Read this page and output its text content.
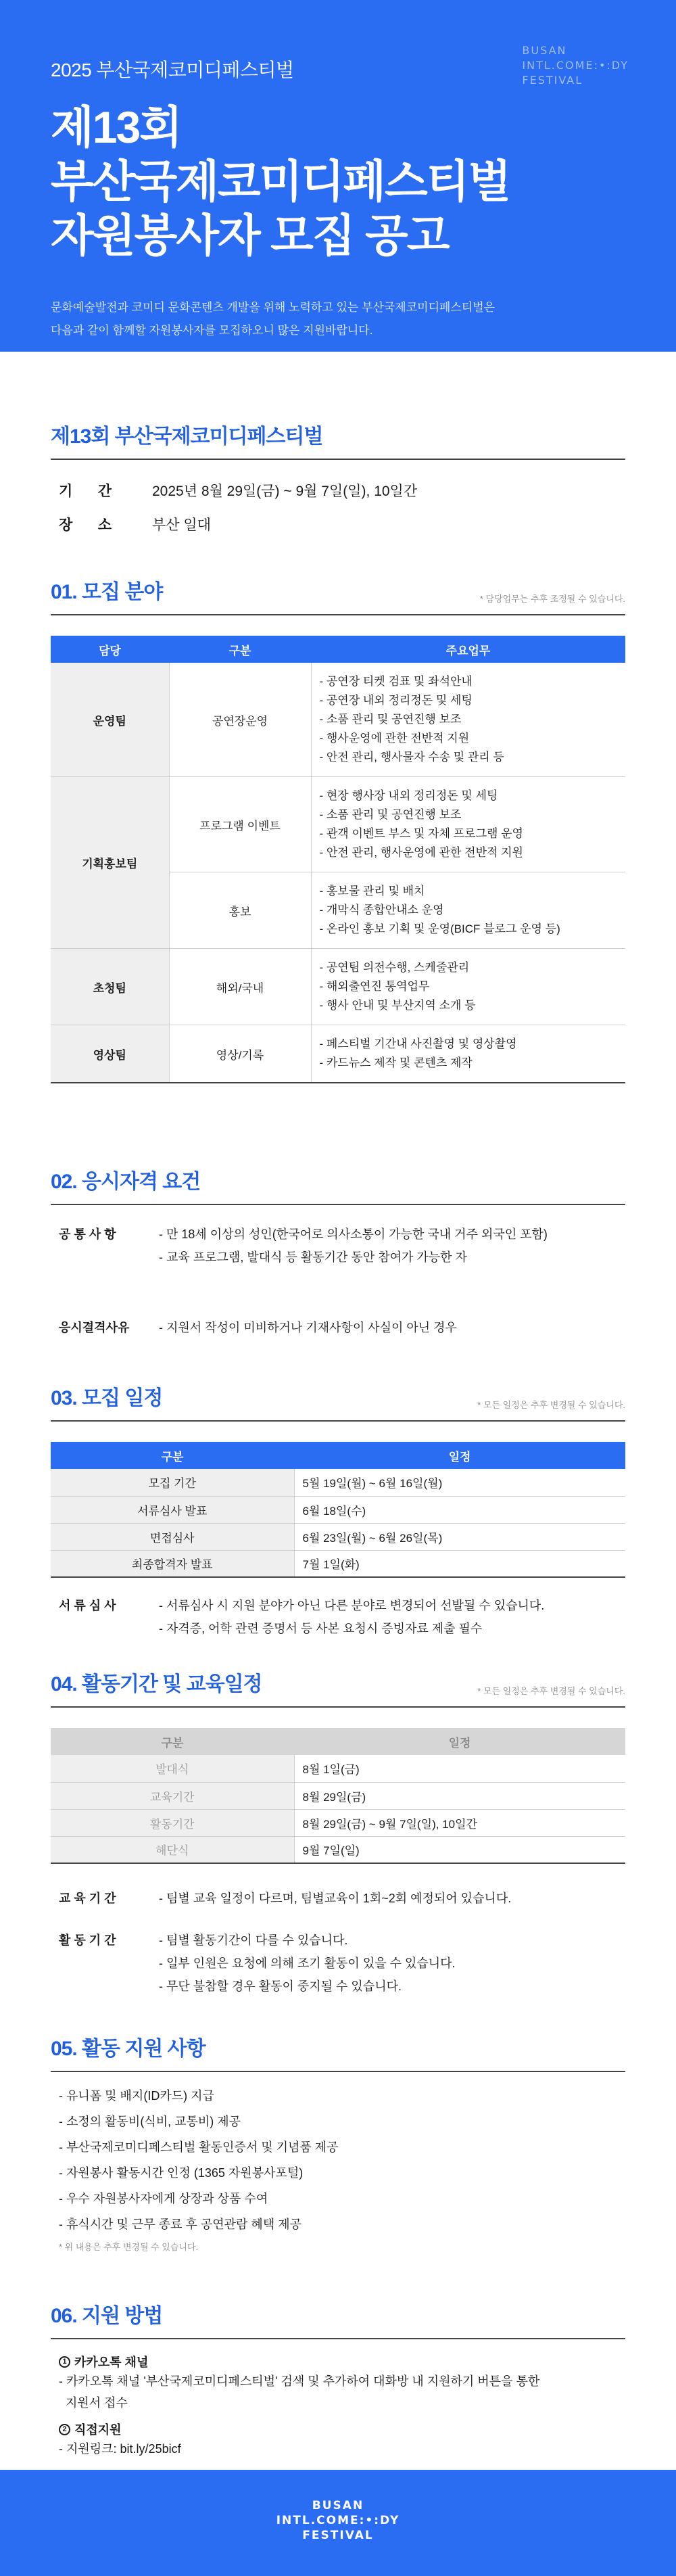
2025 부산국제코미디페스티벌
BUSAN
INTL.COME:•:DY
FESTIVAL
제13회
부산국제코미디페스티벌
자원봉사자 모집 공고
문화예술발전과 코미디 문화콘텐츠 개발을 위해 노력하고 있는 부산국제코미디페스티벌은
다음과 같이 함께할 자원봉사자를 모집하오니 많은 지원바랍니다.
제13회 부산국제코미디페스티벌
기 간	2025년 8월 29일(금) ~ 9월 7일(일), 10일간
장 소	부산 일대
01. 모집 분야	* 담당업무는 추후 조정될 수 있습니다.
담당	구분	주요업무
운영팀	공연장운영	- 공연장 티켓 검표 및 좌석안내
- 공연장 내외 정리정돈 및 세팅
- 소품 관리 및 공연진행 보조
- 행사운영에 관한 전반적 지원
- 안전 관리, 행사물자 수송 및 관리 등

기획홍보팀	프로그램 이벤트	- 현장 행사장 내외 정리정돈 및 세팅
- 소품 관리 및 공연진행 보조
- 관객 이벤트 부스 및 자체 프로그램 운영
- 안전 관리, 행사운영에 관한 전반적 지원

	홍보	- 홍보물 관리 및 배치
- 개막식 종합안내소 운영
- 온라인 홍보 기획 및 운영(BICF 블로그 운영 등)

초청팀	해외/국내	- 공연팀 의전수행, 스케줄관리
- 해외출연진 통역업무
- 행사 안내 및 부산지역 소개 등

영상팀	영상/기록	- 페스티벌 기간내 사진촬영 및 영상촬영
- 카드뉴스 제작 및 콘텐츠 제작
02. 응시자격 요건
공 통 사 항	- 만 18세 이상의 성인(한국어로 의사소통이 가능한 국내 거주 외국인 포함)
- 교육 프로그램, 발대식 등 활동기간 동안 참여가 가능한 자
응시결격사유	- 지원서 작성이 미비하거나 기재사항이 사실이 아닌 경우
03. 모집 일정	* 모든 일정은 추후 변경될 수 있습니다.
구분	일정
모집 기간	5월 19일(월) ~ 6월 16일(월)
서류심사 발표	6월 18일(수)
면접심사	6월 23일(월) ~ 6월 26일(목)
최종합격자 발표	7월 1일(화)
서 류 심 사	- 서류심사 시 지원 분야가 아닌 다른 분야로 변경되어 선발될 수 있습니다.
- 자격증, 어학 관련 증명서 등 사본 요청시 증빙자료 제출 필수
04. 활동기간 및 교육일정	* 모든 일정은 추후 변경될 수 있습니다.
구분	일정
발대식	8월 1일(금)
교육기간	8월 29일(금)
활동기간	8월 29일(금) ~ 9월 7일(일), 10일간
해단식	9월 7일(일)
교 육 기 간	- 팀별 교육 일정이 다르며, 팀별교육이 1회~2회 예정되어 있습니다.
활 동 기 간	- 팀별 활동기간이 다를 수 있습니다.
- 일부 인원은 요청에 의해 조기 활동이 있을 수 있습니다.
- 무단 불참할 경우 활동이 중지될 수 있습니다.
05. 활동 지원 사항
- 유니폼 및 배지(ID카드) 지급
- 소정의 활동비(식비, 교통비) 제공
- 부산국제코미디페스티벌 활동인증서 및 기념품 제공
- 자원봉사 활동시간 인정 (1365 자원봉사포털)
- 우수 자원봉사자에게 상장과 상품 수여
- 휴식시간 및 근무 종료 후 공연관람 혜택 제공
* 위 내용은 추후 변경될 수 있습니다.
06. 지원 방법
1 카카오톡 채널
- 카카오톡 채널 '부산국제코미디페스티벌' 검색 및 추가하여 대화방 내 지원하기 버튼을 통한
지원서 접수
2 직접지원
- 지원링크: bit.ly/25bicf
BUSAN
INTL.COME:•:DY
FESTIVAL
